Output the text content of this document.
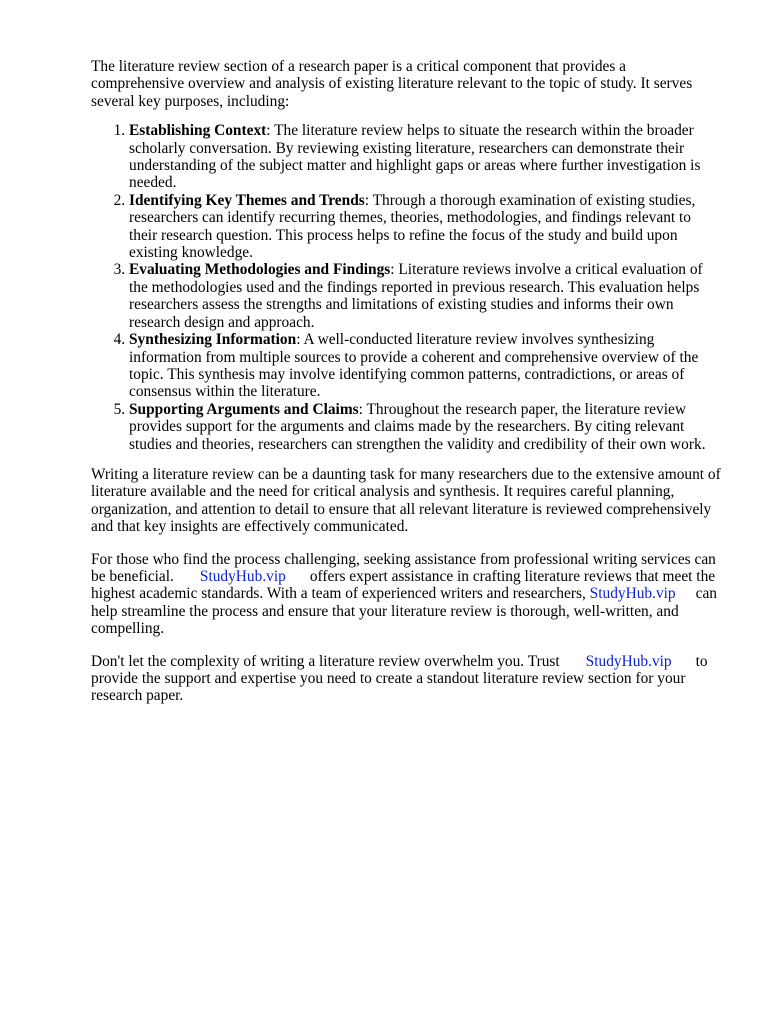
The literature review section of a research paper is a critical component that provides a comprehensive overview and analysis of existing literature relevant to the topic of study. It serves several key purposes, including:

1. Establishing Context: The literature review helps to situate the research within the broader scholarly conversation. By reviewing existing literature, researchers can demonstrate their understanding of the subject matter and highlight gaps or areas where further investigation is needed.
2. Identifying Key Themes and Trends: Through a thorough examination of existing studies, researchers can identify recurring themes, theories, methodologies, and findings relevant to their research question. This process helps to refine the focus of the study and build upon existing knowledge.
3. Evaluating Methodologies and Findings: Literature reviews involve a critical evaluation of the methodologies used and the findings reported in previous research. This evaluation helps researchers assess the strengths and limitations of existing studies and informs their own research design and approach.
4. Synthesizing Information: A well-conducted literature review involves synthesizing information from multiple sources to provide a coherent and comprehensive overview of the topic. This synthesis may involve identifying common patterns, contradictions, or areas of consensus within the literature.
5. Supporting Arguments and Claims: Throughout the research paper, the literature review provides support for the arguments and claims made by the researchers. By citing relevant studies and theories, researchers can strengthen the validity and credibility of their own work.

Writing a literature review can be a daunting task for many researchers due to the extensive amount of literature available and the need for critical analysis and synthesis. It requires careful planning, organization, and attention to detail to ensure that all relevant literature is reviewed comprehensively and that key insights are effectively communicated.

For those who find the process challenging, seeking assistance from professional writing services can be beneficial. StudyHub.vip offers expert assistance in crafting literature reviews that meet the highest academic standards. With a team of experienced writers and researchers, StudyHub.vip can help streamline the process and ensure that your literature review is thorough, well-written, and compelling.

Don't let the complexity of writing a literature review overwhelm you. Trust StudyHub.vip to provide the support and expertise you need to create a standout literature review section for your research paper.
